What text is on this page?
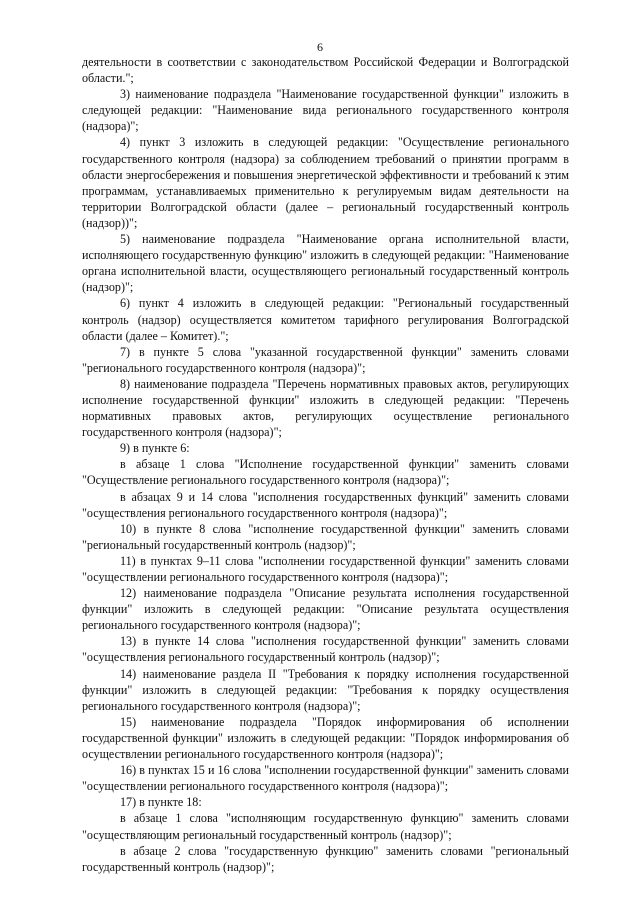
6

деятельности в соответствии с законодательством Российской Федерации и Волгоградской области.";

3) наименование подраздела "Наименование государственной функции" изложить в следующей редакции: "Наименование вида регионального государственного контроля (надзора)";

4) пункт 3 изложить в следующей редакции: "Осуществление регионального государственного контроля (надзора) за соблюдением требований о принятии программ в области энергосбережения и повышения энергетической эффективности и требований к этим программам, устанавливаемых применительно к регулируемым видам деятельности на территории Волгоградской области (далее – региональный государственный контроль (надзор))";

5) наименование подраздела "Наименование органа исполнительной власти, исполняющего государственную функцию" изложить в следующей редакции: "Наименование органа исполнительной власти, осуществляющего региональный государственный контроль (надзор)";

6) пункт 4 изложить в следующей редакции: "Региональный государственный контроль (надзор) осуществляется комитетом тарифного регулирования Волгоградской области (далее – Комитет).";

7) в пункте 5 слова "указанной государственной функции" заменить словами "регионального государственного контроля (надзора)";

8) наименование подраздела "Перечень нормативных правовых актов, регулирующих исполнение государственной функции" изложить в следующей редакции: "Перечень нормативных правовых актов, регулирующих осуществление регионального государственного контроля (надзора)";

9) в пункте 6:

в абзаце 1 слова "Исполнение государственной функции" заменить словами "Осуществление регионального государственного контроля (надзора)";

в абзацах 9 и 14 слова "исполнения государственных функций" заменить словами "осуществления регионального государственного контроля (надзора)";

10) в пункте 8 слова "исполнение государственной функции" заменить словами "региональный государственный контроль (надзор)";

11) в пунктах 9–11 слова "исполнении государственной функции" заменить словами "осуществлении регионального государственного контроля (надзора)";

12) наименование подраздела "Описание результата исполнения государственной функции" изложить в следующей редакции: "Описание результата осуществления регионального государственного контроля (надзора)";

13) в пункте 14 слова "исполнения государственной функции" заменить словами "осуществления регионального государственный контроль (надзор)";

14) наименование раздела II "Требования к порядку исполнения государственной функции" изложить в следующей редакции: "Требования к порядку осуществления регионального государственного контроля (надзора)";

15) наименование подраздела "Порядок информирования об исполнении государственной функции" изложить в следующей редакции: "Порядок информирования об осуществлении регионального государственного контроля (надзора)";

16) в пунктах 15 и 16 слова "исполнении государственной функции" заменить словами "осуществлении регионального государственного контроля (надзора)";

17) в пункте 18:

в абзаце 1 слова "исполняющим государственную функцию" заменить словами "осуществляющим региональный государственный контроль (надзор)";

в абзаце 2 слова "государственную функцию" заменить словами "региональный государственный контроль (надзор)";
